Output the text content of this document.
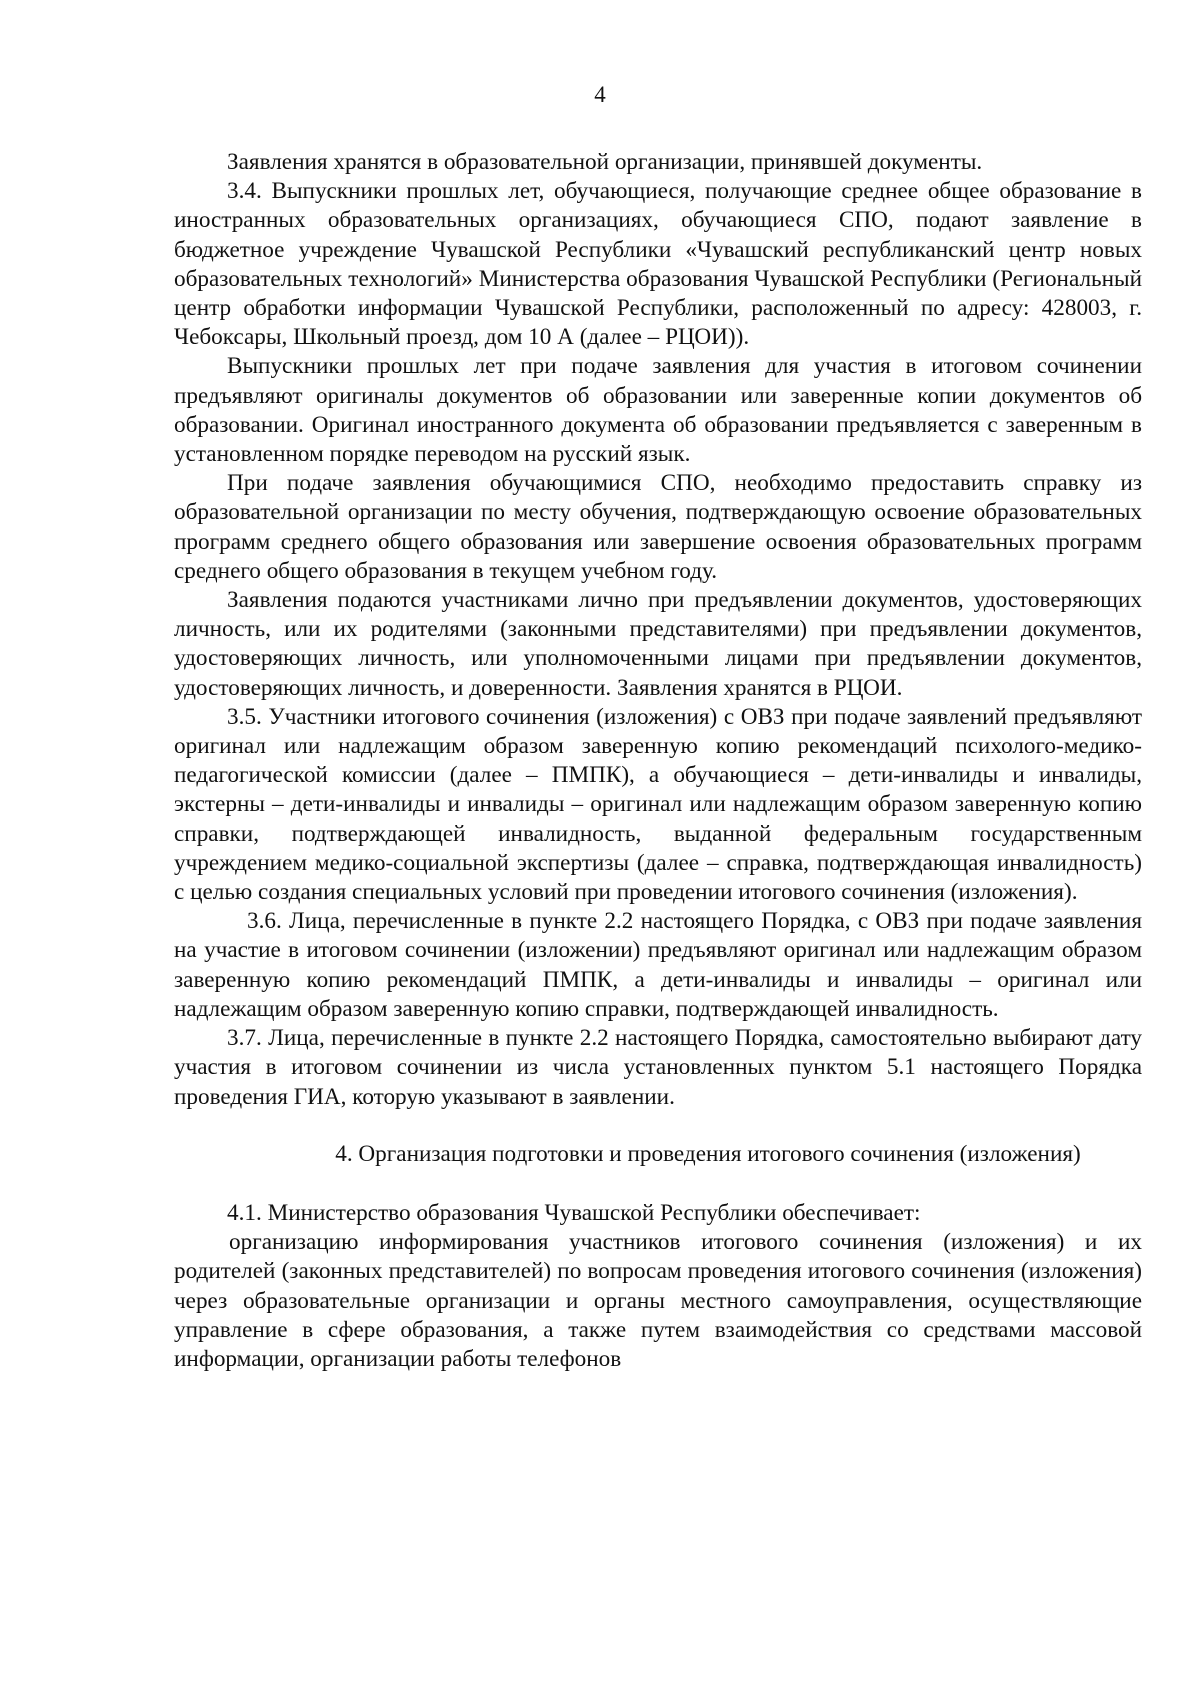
4

Заявления хранятся в образовательной организации, принявшей документы.

3.4. Выпускники прошлых лет, обучающиеся, получающие среднее общее образование в иностранных образовательных организациях, обучающиеся СПО, подают заявление в бюджетное учреждение Чувашской Республики «Чувашский республиканский центр новых образовательных технологий» Министерства образования Чувашской Республики (Региональный центр обработки информации Чувашской Республики, расположенный по адресу: 428003, г. Чебоксары, Школьный проезд, дом 10 А (далее – РЦОИ)).

Выпускники прошлых лет при подаче заявления для участия в итоговом сочинении предъявляют оригиналы документов об образовании или заверенные копии документов об образовании. Оригинал иностранного документа об образовании предъявляется с заверенным в установленном порядке переводом на русский язык.

При подаче заявления обучающимися СПО, необходимо предоставить справку из образовательной организации по месту обучения, подтверждающую освоение образовательных программ среднего общего образования или завершение освоения образовательных программ среднего общего образования в текущем учебном году.

Заявления подаются участниками лично при предъявлении документов, удостоверяющих личность, или их родителями (законными представителями) при предъявлении документов, удостоверяющих личность, или уполномоченными лицами при предъявлении документов, удостоверяющих личность, и доверенности. Заявления хранятся в РЦОИ.

3.5. Участники итогового сочинения (изложения) с ОВЗ при подаче заявлений предъявляют оригинал или надлежащим образом заверенную копию рекомендаций психолого-медико-педагогической комиссии (далее – ПМПК), а обучающиеся – дети-инвалиды и инвалиды, экстерны – дети-инвалиды и инвалиды – оригинал или надлежащим образом заверенную копию справки, подтверждающей инвалидность, выданной федеральным государственным учреждением медико-социальной экспертизы (далее – справка, подтверждающая инвалидность) с целью создания специальных условий при проведении итогового сочинения (изложения).

3.6. Лица, перечисленные в пункте 2.2 настоящего Порядка, с ОВЗ при подаче заявления на участие в итоговом сочинении (изложении) предъявляют оригинал или надлежащим образом заверенную копию рекомендаций ПМПК, а дети-инвалиды и инвалиды – оригинал или надлежащим образом заверенную копию справки, подтверждающей инвалидность.

3.7. Лица, перечисленные в пункте 2.2 настоящего Порядка, самостоятельно выбирают дату участия в итоговом сочинении из числа установленных пунктом 5.1 настоящего Порядка проведения ГИА, которую указывают в заявлении.

4. Организация подготовки и проведения итогового сочинения (изложения)

4.1. Министерство образования Чувашской Республики обеспечивает:

организацию информирования участников итогового сочинения (изложения) и их родителей (законных представителей) по вопросам проведения итогового сочинения (изложения) через образовательные организации и органы местного самоуправления, осуществляющие управление в сфере образования, а также путем взаимодействия со средствами массовой информации, организации работы телефонов
